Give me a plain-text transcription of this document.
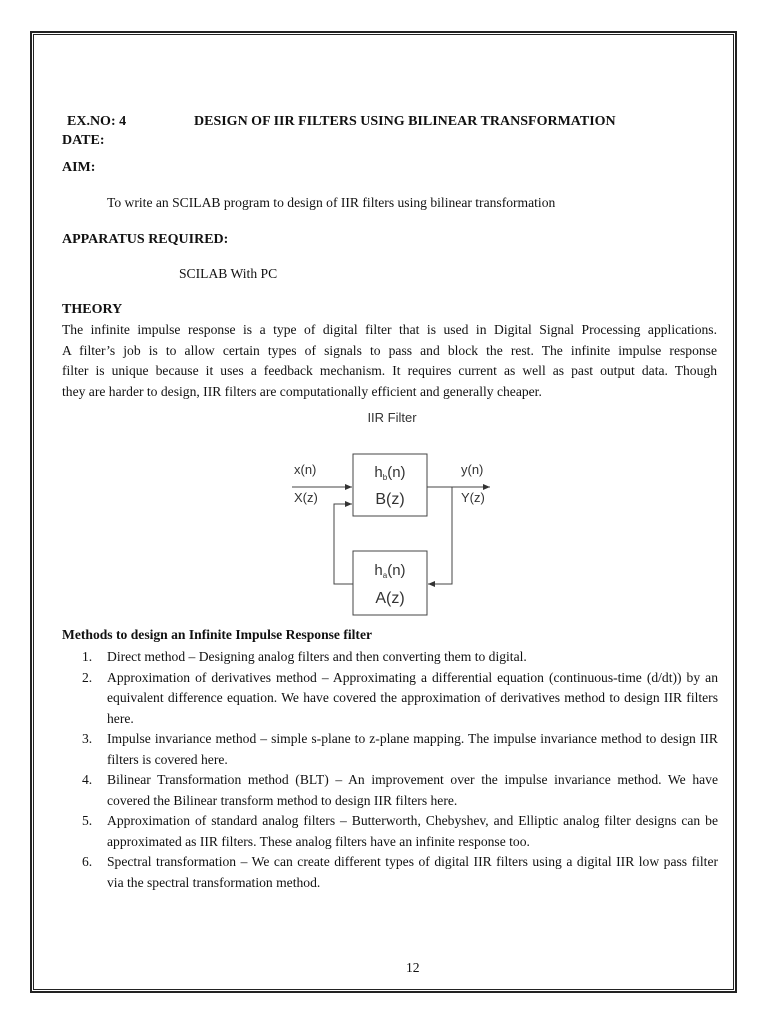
EX.NO: 4	DESIGN OF IIR FILTERS USING BILINEAR TRANSFORMATION
DATE:
AIM:
To write an SCILAB program to design of IIR filters using bilinear transformation
APPARATUS REQUIRED:
SCILAB With PC
THEORY
The infinite impulse response is a type of digital filter that is used in Digital Signal Processing applications.
A filter’s job is to allow certain types of signals to pass and block the rest. The infinite impulse response
filter is unique because it uses a feedback mechanism. It requires current as well as past output data. Though
they are harder to design, IIR filters are computationally efficient and generally cheaper.
IIR Filter
$h_b(n)$
B(z)
$h_a(n)$
A(z)
x(n)
X(z)
y(n)
Y(z)
Methods to design an Infinite Impulse Response filter
1. Direct method – Designing analog filters and then converting them to digital.
2. Approximation of derivatives method – Approximating a differential equation (continuous-time (d/dt)) by an equivalent difference equation. We have covered the approximation of derivatives method to design IIR filters here.
3. Impulse invariance method – simple s-plane to z-plane mapping. The impulse invariance method to design IIR filters is covered here.
4. Bilinear Transformation method (BLT) – An improvement over the impulse invariance method. We have covered the Bilinear transform method to design IIR filters here.
5. Approximation of standard analog filters – Butterworth, Chebyshev, and Elliptic analog filter designs can be approximated as IIR filters. These analog filters have an infinite response too.
6. Spectral transformation – We can create different types of digital IIR filters using a digital IIR low pass filter via the spectral transformation method.
12
